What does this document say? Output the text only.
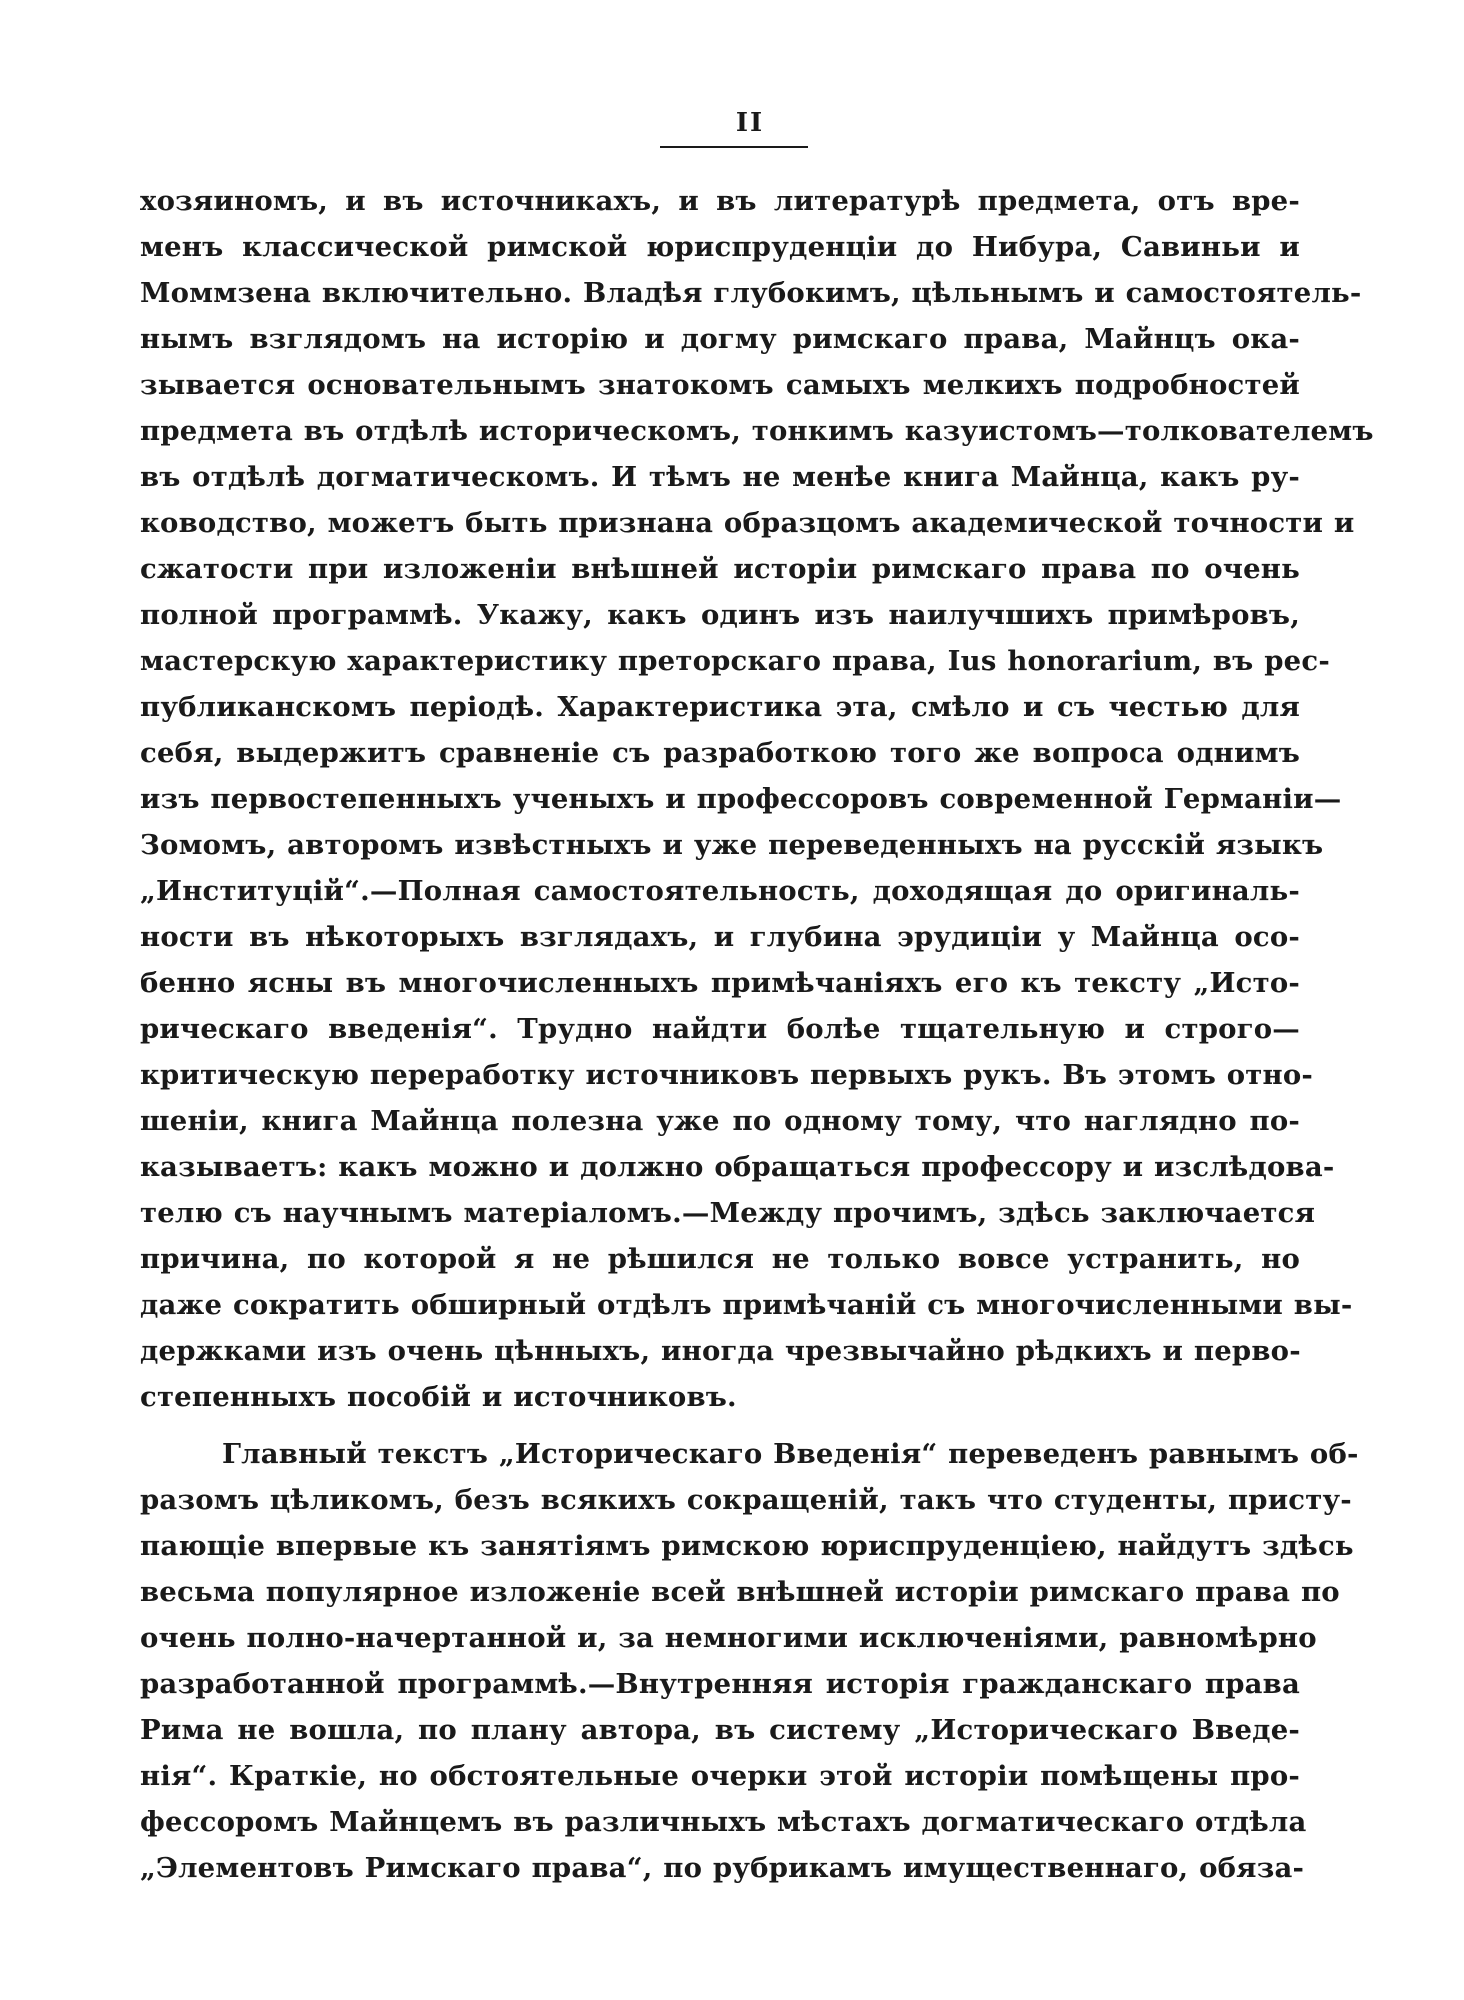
II
хозяиномъ, и въ источникахъ, и въ литературѣ предмета, отъ вре-
менъ классической римской юриспруденцiи до Нибура, Савиньи и
Моммзена включительно. Владѣя глубокимъ, цѣльнымъ и самостоятель-
нымъ взглядомъ на исторiю и догму римскаго права, Майнцъ ока-
зывается основательнымъ знатокомъ самыхъ мелкихъ подробностей
предмета въ отдѣлѣ историческомъ, тонкимъ казуистомъ—толкователемъ
въ отдѣлѣ догматическомъ. И тѣмъ не менѣе книга Майнца, какъ ру-
ководство, можетъ быть признана образцомъ академической точности и
сжатости при изложенiи внѣшней исторiи римскаго права по очень
полной программѣ. Укажу, какъ одинъ изъ наилучшихъ примѣровъ,
мастерскую характеристику преторскаго права, Ius honorarium, въ рес-
публиканскомъ перiодѣ. Характеристика эта, смѣло и съ честью для
себя, выдержитъ сравненiе съ разработкою того же вопроса однимъ
изъ первостепенныхъ ученыхъ и профессоровъ современной Германiи—
Зомомъ, авторомъ извѣстныхъ и уже переведенныхъ на русскiй языкъ
„Институцiй“.—Полная самостоятельность, доходящая до оригиналь-
ности въ нѣкоторыхъ взглядахъ, и глубина эрудицiи у Майнца осо-
бенно ясны въ многочисленныхъ примѣчанiяхъ его къ тексту „Исто-
рическаго введенiя“. Трудно найдти болѣе тщательную и строго—
критическую переработку источниковъ первыхъ рукъ. Въ этомъ отно-
шенiи, книга Майнца полезна уже по одному тому, что наглядно по-
казываетъ: какъ можно и должно обращаться профессору и изслѣдова-
телю съ научнымъ матерiаломъ.—Между прочимъ, здѣсь заключается
причина, по которой я не рѣшился не только вовсе устранить, но
даже сократить обширный отдѣлъ примѣчанiй съ многочисленными вы-
держками изъ очень цѣнныхъ, иногда чрезвычайно рѣдкихъ и перво-
степенныхъ пособiй и источниковъ.
Главный текстъ „Историческаго Введенiя“ переведенъ равнымъ об-
разомъ цѣликомъ, безъ всякихъ сокращенiй, такъ что студенты, присту-
пающiе впервые къ занятiямъ римскою юриспруденцiею, найдутъ здѣсь
весьма популярное изложенiе всей внѣшней исторiи римскаго права по
очень полно-начертанной и, за немногими исключенiями, равномѣрно
разработанной программѣ.—Внутренняя исторiя гражданскаго права
Рима не вошла, по плану автора, въ систему „Историческаго Введе-
нiя“. Краткiе, но обстоятельные очерки этой исторiи помѣщены про-
фессоромъ Майнцемъ въ различныхъ мѣстахъ догматическаго отдѣла
„Элементовъ Римскаго права“, по рубрикамъ имущественнаго, обяза-
